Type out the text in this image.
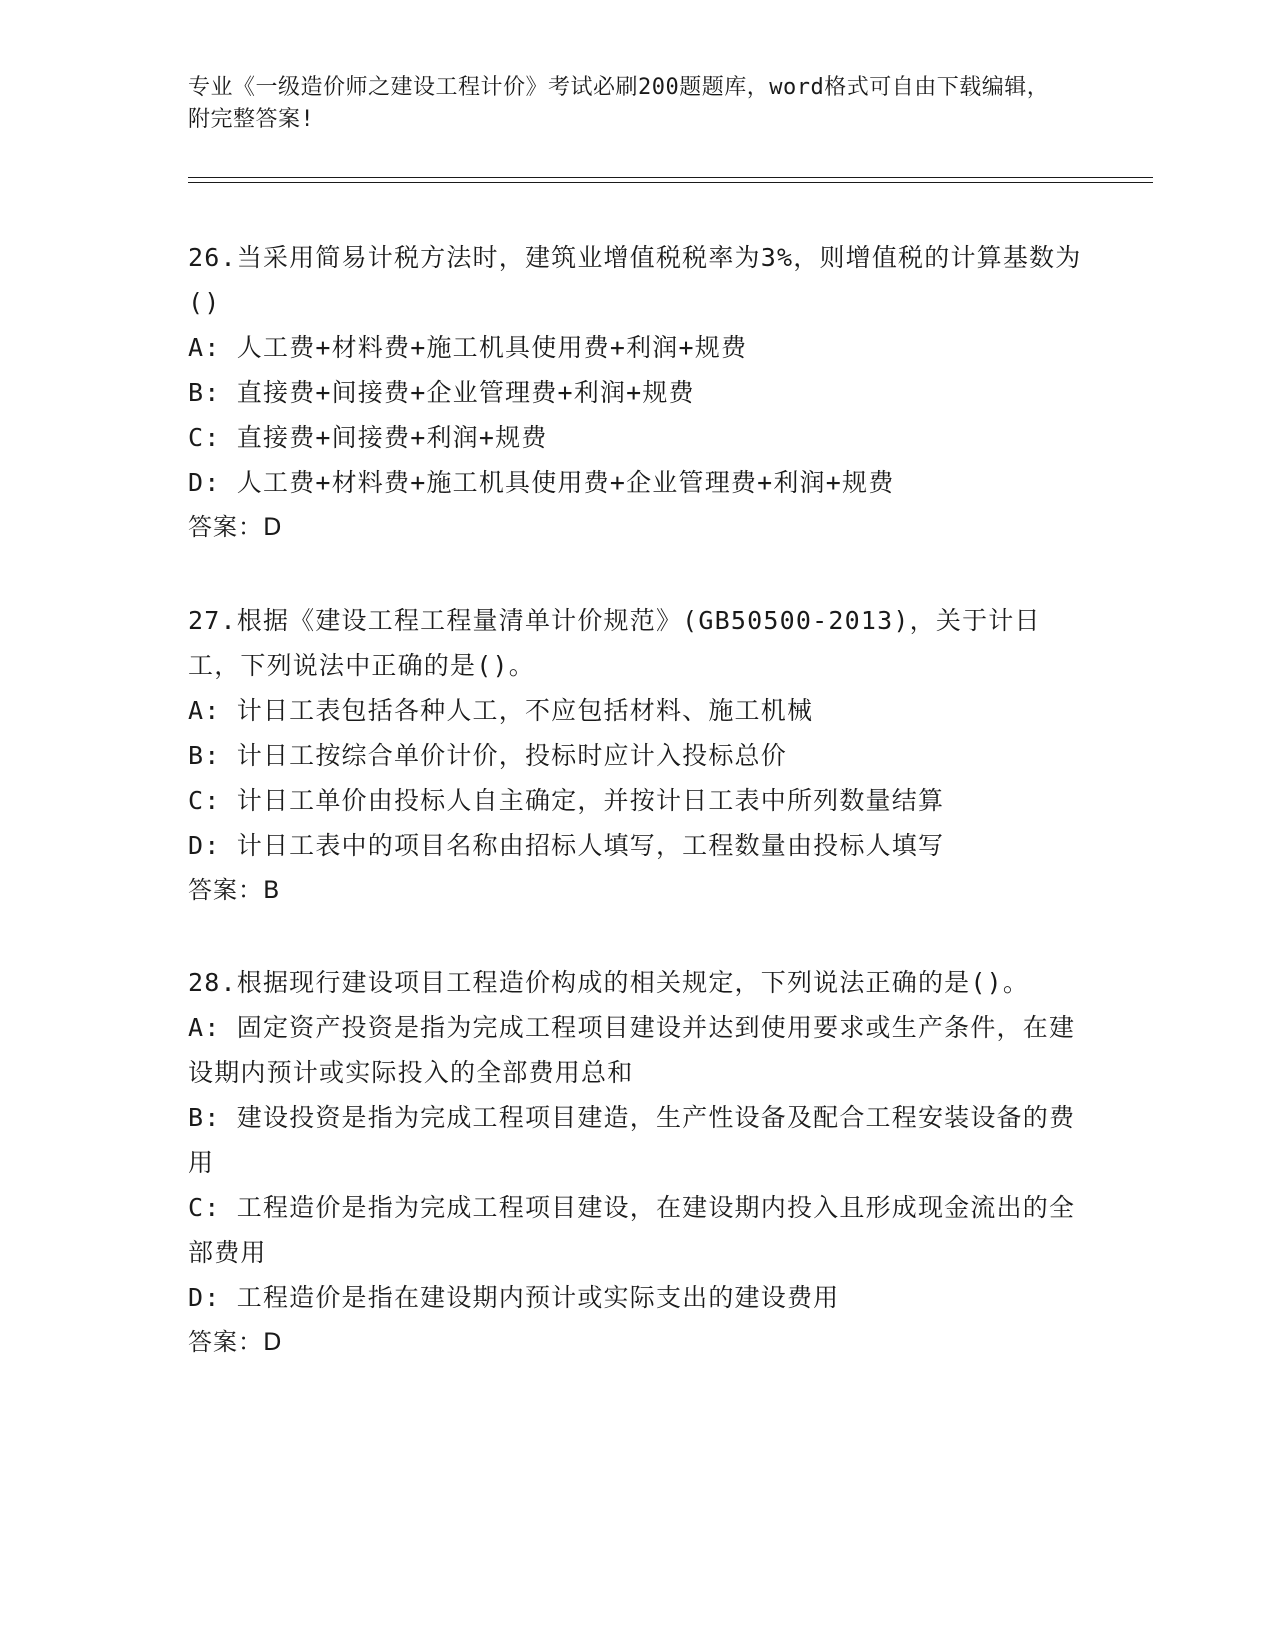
专业《一级造价师之建设工程计价》考试必刷200题题库，word格式可自由下载编辑，附完整答案!

26.当采用简易计税方法时，建筑业增值税税率为3%，则增值税的计算基数为()

A: 人工费+材料费+施工机具使用费+利润+规费

B: 直接费+间接费+企业管理费+利润+规费

C: 直接费+间接费+利润+规费

D: 人工费+材料费+施工机具使用费+企业管理费+利润+规费

答案：D

27.根据《建设工程工程量清单计价规范》(GB50500-2013)，关于计日工，下列说法中正确的是()。

A: 计日工表包括各种人工，不应包括材料、施工机械

B: 计日工按综合单价计价，投标时应计入投标总价

C: 计日工单价由投标人自主确定，并按计日工表中所列数量结算

D: 计日工表中的项目名称由招标人填写，工程数量由投标人填写

答案：B

28.根据现行建设项目工程造价构成的相关规定，下列说法正确的是()。

A: 固定资产投资是指为完成工程项目建设并达到使用要求或生产条件，在建设期内预计或实际投入的全部费用总和

B: 建设投资是指为完成工程项目建造，生产性设备及配合工程安装设备的费用

C: 工程造价是指为完成工程项目建设，在建设期内投入且形成现金流出的全部费用

D: 工程造价是指在建设期内预计或实际支出的建设费用

答案：D
